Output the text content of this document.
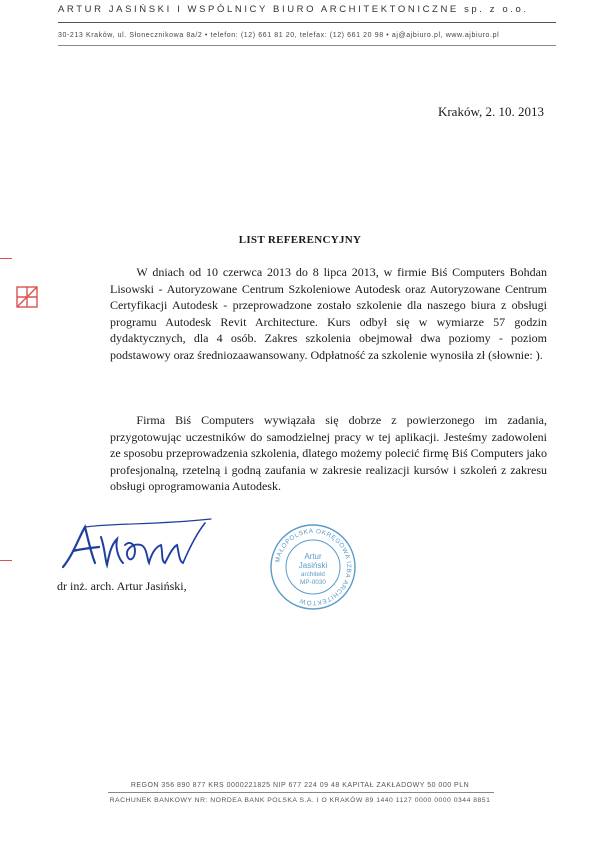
ARTUR JASIŃSKI I WSPÓLNICY BIURO ARCHITEKTONICZNE sp. z o.o.
30-213 Kraków, ul. Słonecznikowa 8a/2 • telefon: (12) 661 81 20, telefax: (12) 661 20 98 • aj@ajbiuro.pl, www.ajbiuro.pl
Kraków, 2. 10. 2013
LIST REFERENCYJNY

W dniach od 10 czerwca 2013 do 8 lipca 2013, w firmie Biś Computers Bohdan Lisowski - Autoryzowane Centrum Szkoleniowe Autodesk oraz Autoryzowane Centrum Certyfikacji Autodesk - przeprowadzone zostało szkolenie dla naszego biura z obsługi programu Autodesk Revit Architecture. Kurs odbył się w wymiarze 57 godzin dydaktycznych, dla 4 osób. Zakres szkolenia obejmował dwa poziomy - poziom podstawowy oraz średniozaawansowany. Odpłatność za szkolenie wynosiła zł (słownie: ).

Firma Biś Computers wywiązała się dobrze z powierzonego im zadania, przygotowując uczestników do samodzielnej pracy w tej aplikacji. Jesteśmy zadowoleni ze sposobu przeprowadzenia szkolenia, dlatego możemy polecić firmę Biś Computers jako profesjonalną, rzetelną i godną zaufania w zakresie realizacji kursów i szkoleń z zakresu obsługi oprogramowania Autodesk.

dr inż. arch. Artur Jasiński,
MAŁOPOLSKA OKRĘGOWA IZBA ARCHITEKTÓW
Artur
Jasiński
architekt
MP-0030
REGON 356 890 877 KRS 0000221825 NIP 677 224 09 48 KAPITAŁ ZAKŁADOWY 50 000 PLN
RACHUNEK BANKOWY NR: NORDEA BANK POLSKA S.A. I O KRAKÓW 89 1440 1127 0000 0000 0344 8851
